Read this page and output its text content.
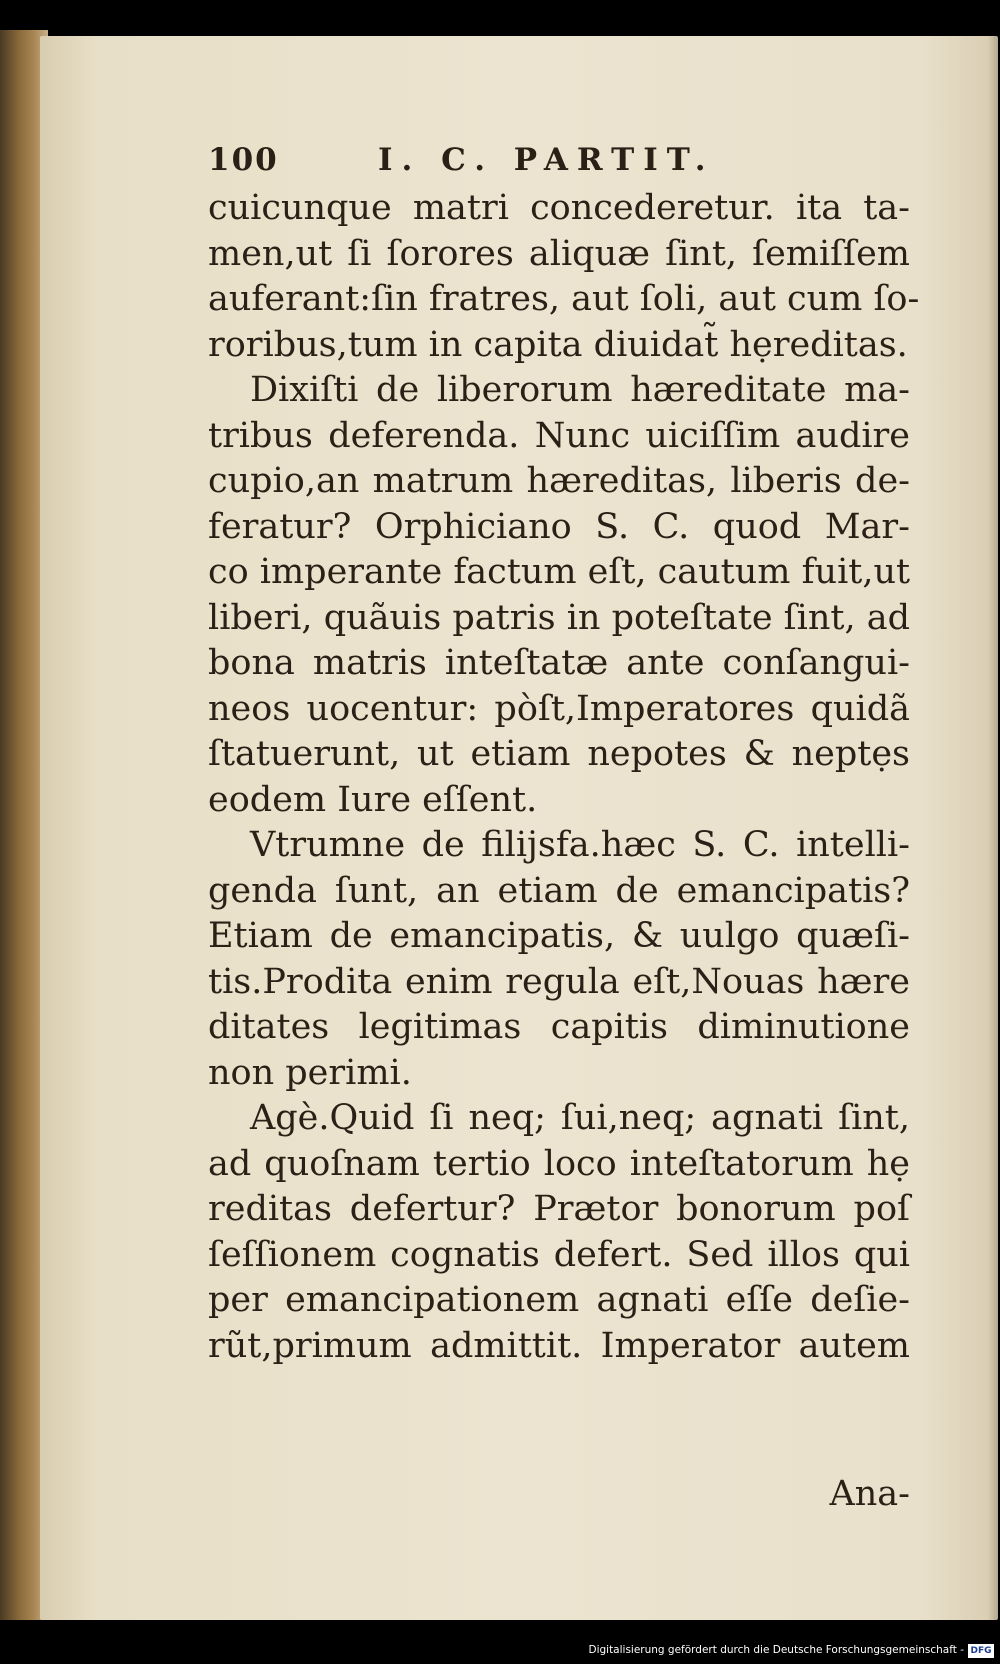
100	I. C. PARTIT.
cuicunque matri concederetur. ita ta-
men,ut ſi ſorores aliquæ ſint, ſemiſſem
auferant:ſin fratres, aut ſoli, aut cum ſo-
roribus,tum in capita diuidat̃ hẹreditas.
Dixiſti de liberorum hæreditate ma-
tribus deferenda. Nunc uiciſſim audire
cupio,an matrum hæreditas, liberis de-
feratur? Orphiciano S. C. quod Mar-
co imperante factum eſt, cautum fuit,ut
liberi, quãuis patris in poteſtate ſint, ad
bona matris inteſtatæ ante conſangui-
neos uocentur: pòſt,Imperatores quidã
ſtatuerunt, ut etiam nepotes & neptẹs
eodem Iure eſſent.
Vtrumne de filijsfa.hæc S. C. intelli-
genda ſunt, an etiam de emancipatis?
Etiam de emancipatis, & uulgo quæſi-
tis.Prodita enim regula eſt,Nouas hære
ditates legitimas capitis diminutione
non perimi.
Agè.Quid ſi neq; ſui,neq; agnati ſint,
ad quoſnam tertio loco inteſtatorum hẹ
reditas defertur? Prætor bonorum poſ
ſeſſionem cognatis defert. Sed illos qui
per emancipationem agnati eſſe deſie-
rũt,primum admittit. Imperator autem
Ana-
Digitalisierung gefördert durch die Deutsche Forschungsgemeinschaft - DFG
